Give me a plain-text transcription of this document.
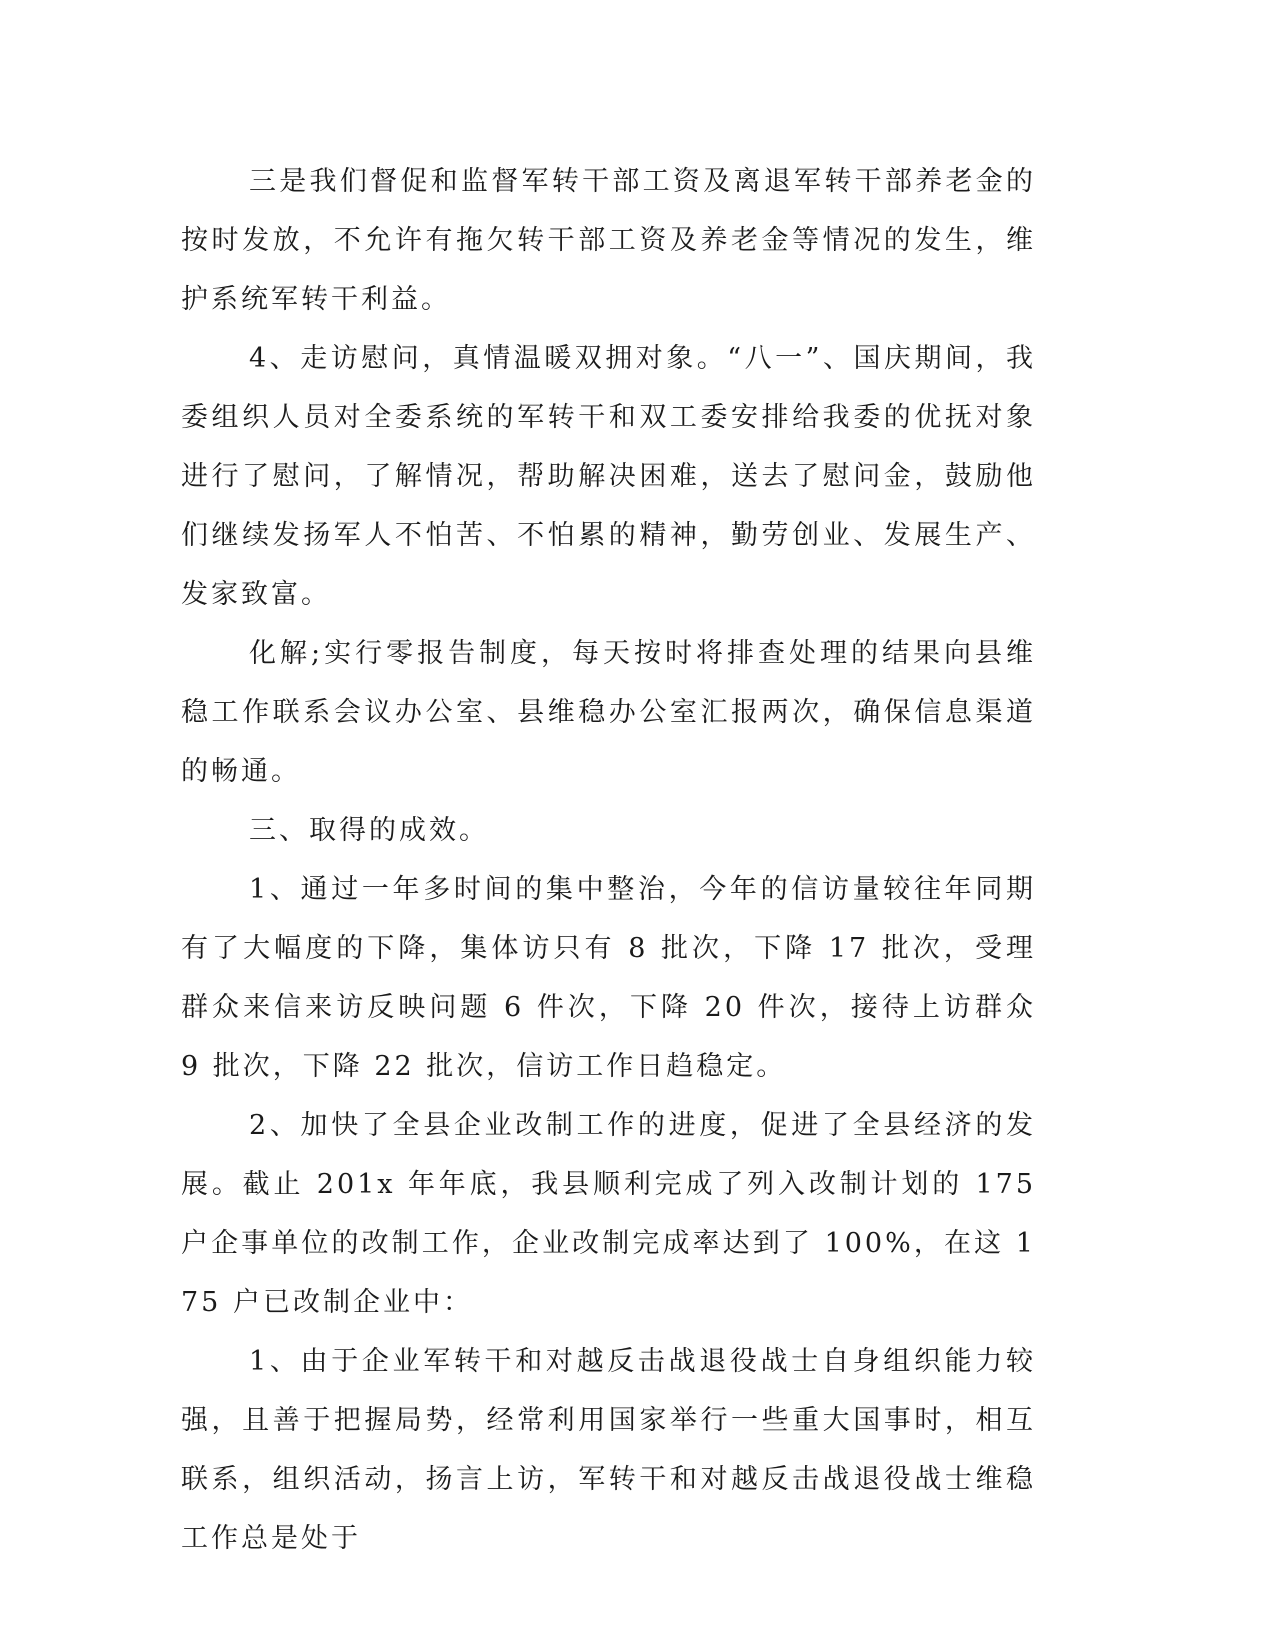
三是我们督促和监督军转干部工资及离退军转干部养老金的按时发放，不允许有拖欠转干部工资及养老金等情况的发生，维护系统军转干利益。

4、走访慰问，真情温暖双拥对象。“八一”、国庆期间，我委组织人员对全委系统的军转干和双工委安排给我委的优抚对象进行了慰问，了解情况，帮助解决困难，送去了慰问金，鼓励他们继续发扬军人不怕苦、不怕累的精神，勤劳创业、发展生产、发家致富。

化解;实行零报告制度，每天按时将排查处理的结果向县维稳工作联系会议办公室、县维稳办公室汇报两次，确保信息渠道的畅通。

三、取得的成效。

1、通过一年多时间的集中整治，今年的信访量较往年同期有了大幅度的下降，集体访只有 8 批次，下降 17 批次，受理群众来信来访反映问题 6 件次，下降 20 件次，接待上访群众 9 批次，下降 22 批次，信访工作日趋稳定。

2、加快了全县企业改制工作的进度，促进了全县经济的发展。截止 201x 年年底，我县顺利完成了列入改制计划的 175 户企事单位的改制工作，企业改制完成率达到了 100%，在这 175 户已改制企业中：

1、由于企业军转干和对越反击战退役战士自身组织能力较强，且善于把握局势，经常利用国家举行一些重大国事时，相互联系，组织活动，扬言上访，军转干和对越反击战退役战士维稳工作总是处于
